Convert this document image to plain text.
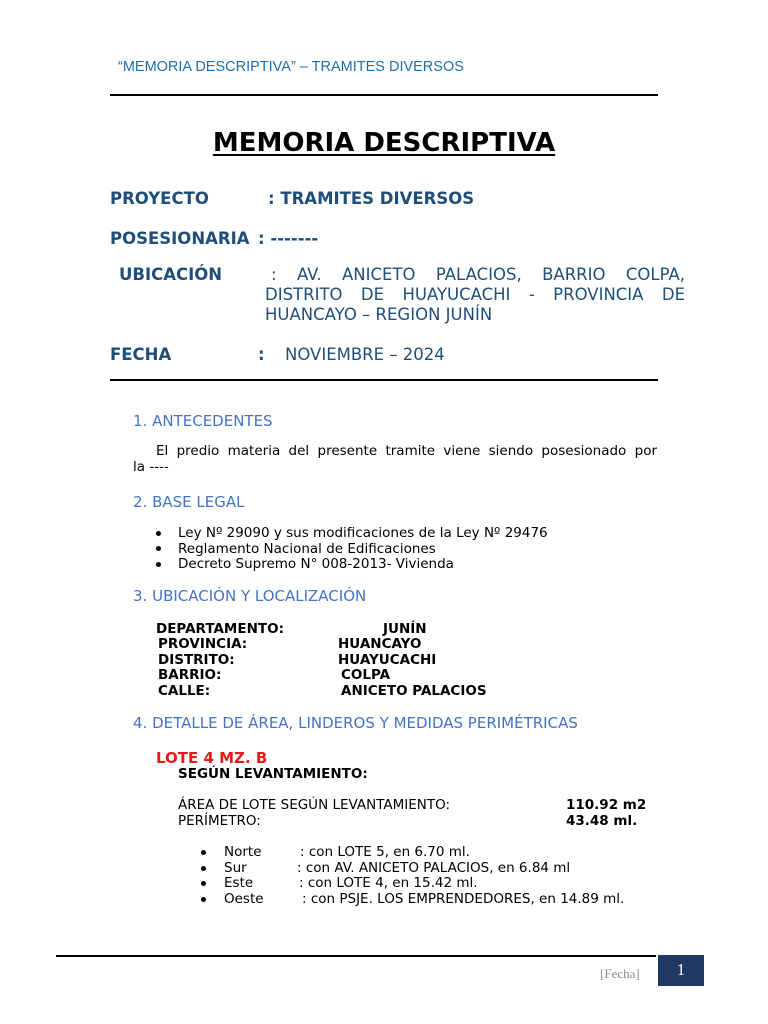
“MEMORIA DESCRIPTIVA” – TRAMITES DIVERSOS
MEMORIA DESCRIPTIVA
PROYECTO	: TRAMITES DIVERSOS
POSESIONARIA : -------
UBICACIÓN	: AV. ANICETO PALACIOS, BARRIO COLPA,

DISTRITO DE HUAYUCACHI - PROVINCIA DE

HUANCAYO – REGION JUNÍN

FECHA	: NOVIEMBRE – 2024
1. ANTECEDENTES

El predio materia del presente tramite viene siendo posesionado por

la ----

2. BASE LEGAL
Ley Nº 29090 y sus modificaciones de la Ley Nº 29476
Reglamento Nacional de Edificaciones
Decreto Supremo N° 008-2013- Vivienda
3. UBICACIÓN Y LOCALIZACIÓN
DEPARTAMENTO:	JUNÍN
PROVINCIA:	HUANCAYO
DISTRITO:	HUAYUCACHI
BARRIO:	COLPA
CALLE:	ANICETO PALACIOS
4. DETALLE DE ÁREA, LINDEROS Y MEDIDAS PERIMÉTRICAS
LOTE 4 MZ. B
SEGÚN LEVANTAMIENTO:
ÁREA DE LOTE SEGÚN LEVANTAMIENTO:	110.92 m2
PERÍMETRO:	43.48 ml.
Norte	: con LOTE 5, en 6.70 ml.
Sur	: con AV. ANICETO PALACIOS, en 6.84 ml
Este	: con LOTE 4, en 15.42 ml.
Oeste	: con PSJE. LOS EMPRENDEDORES, en 14.89 ml.
[Fecha]	1
